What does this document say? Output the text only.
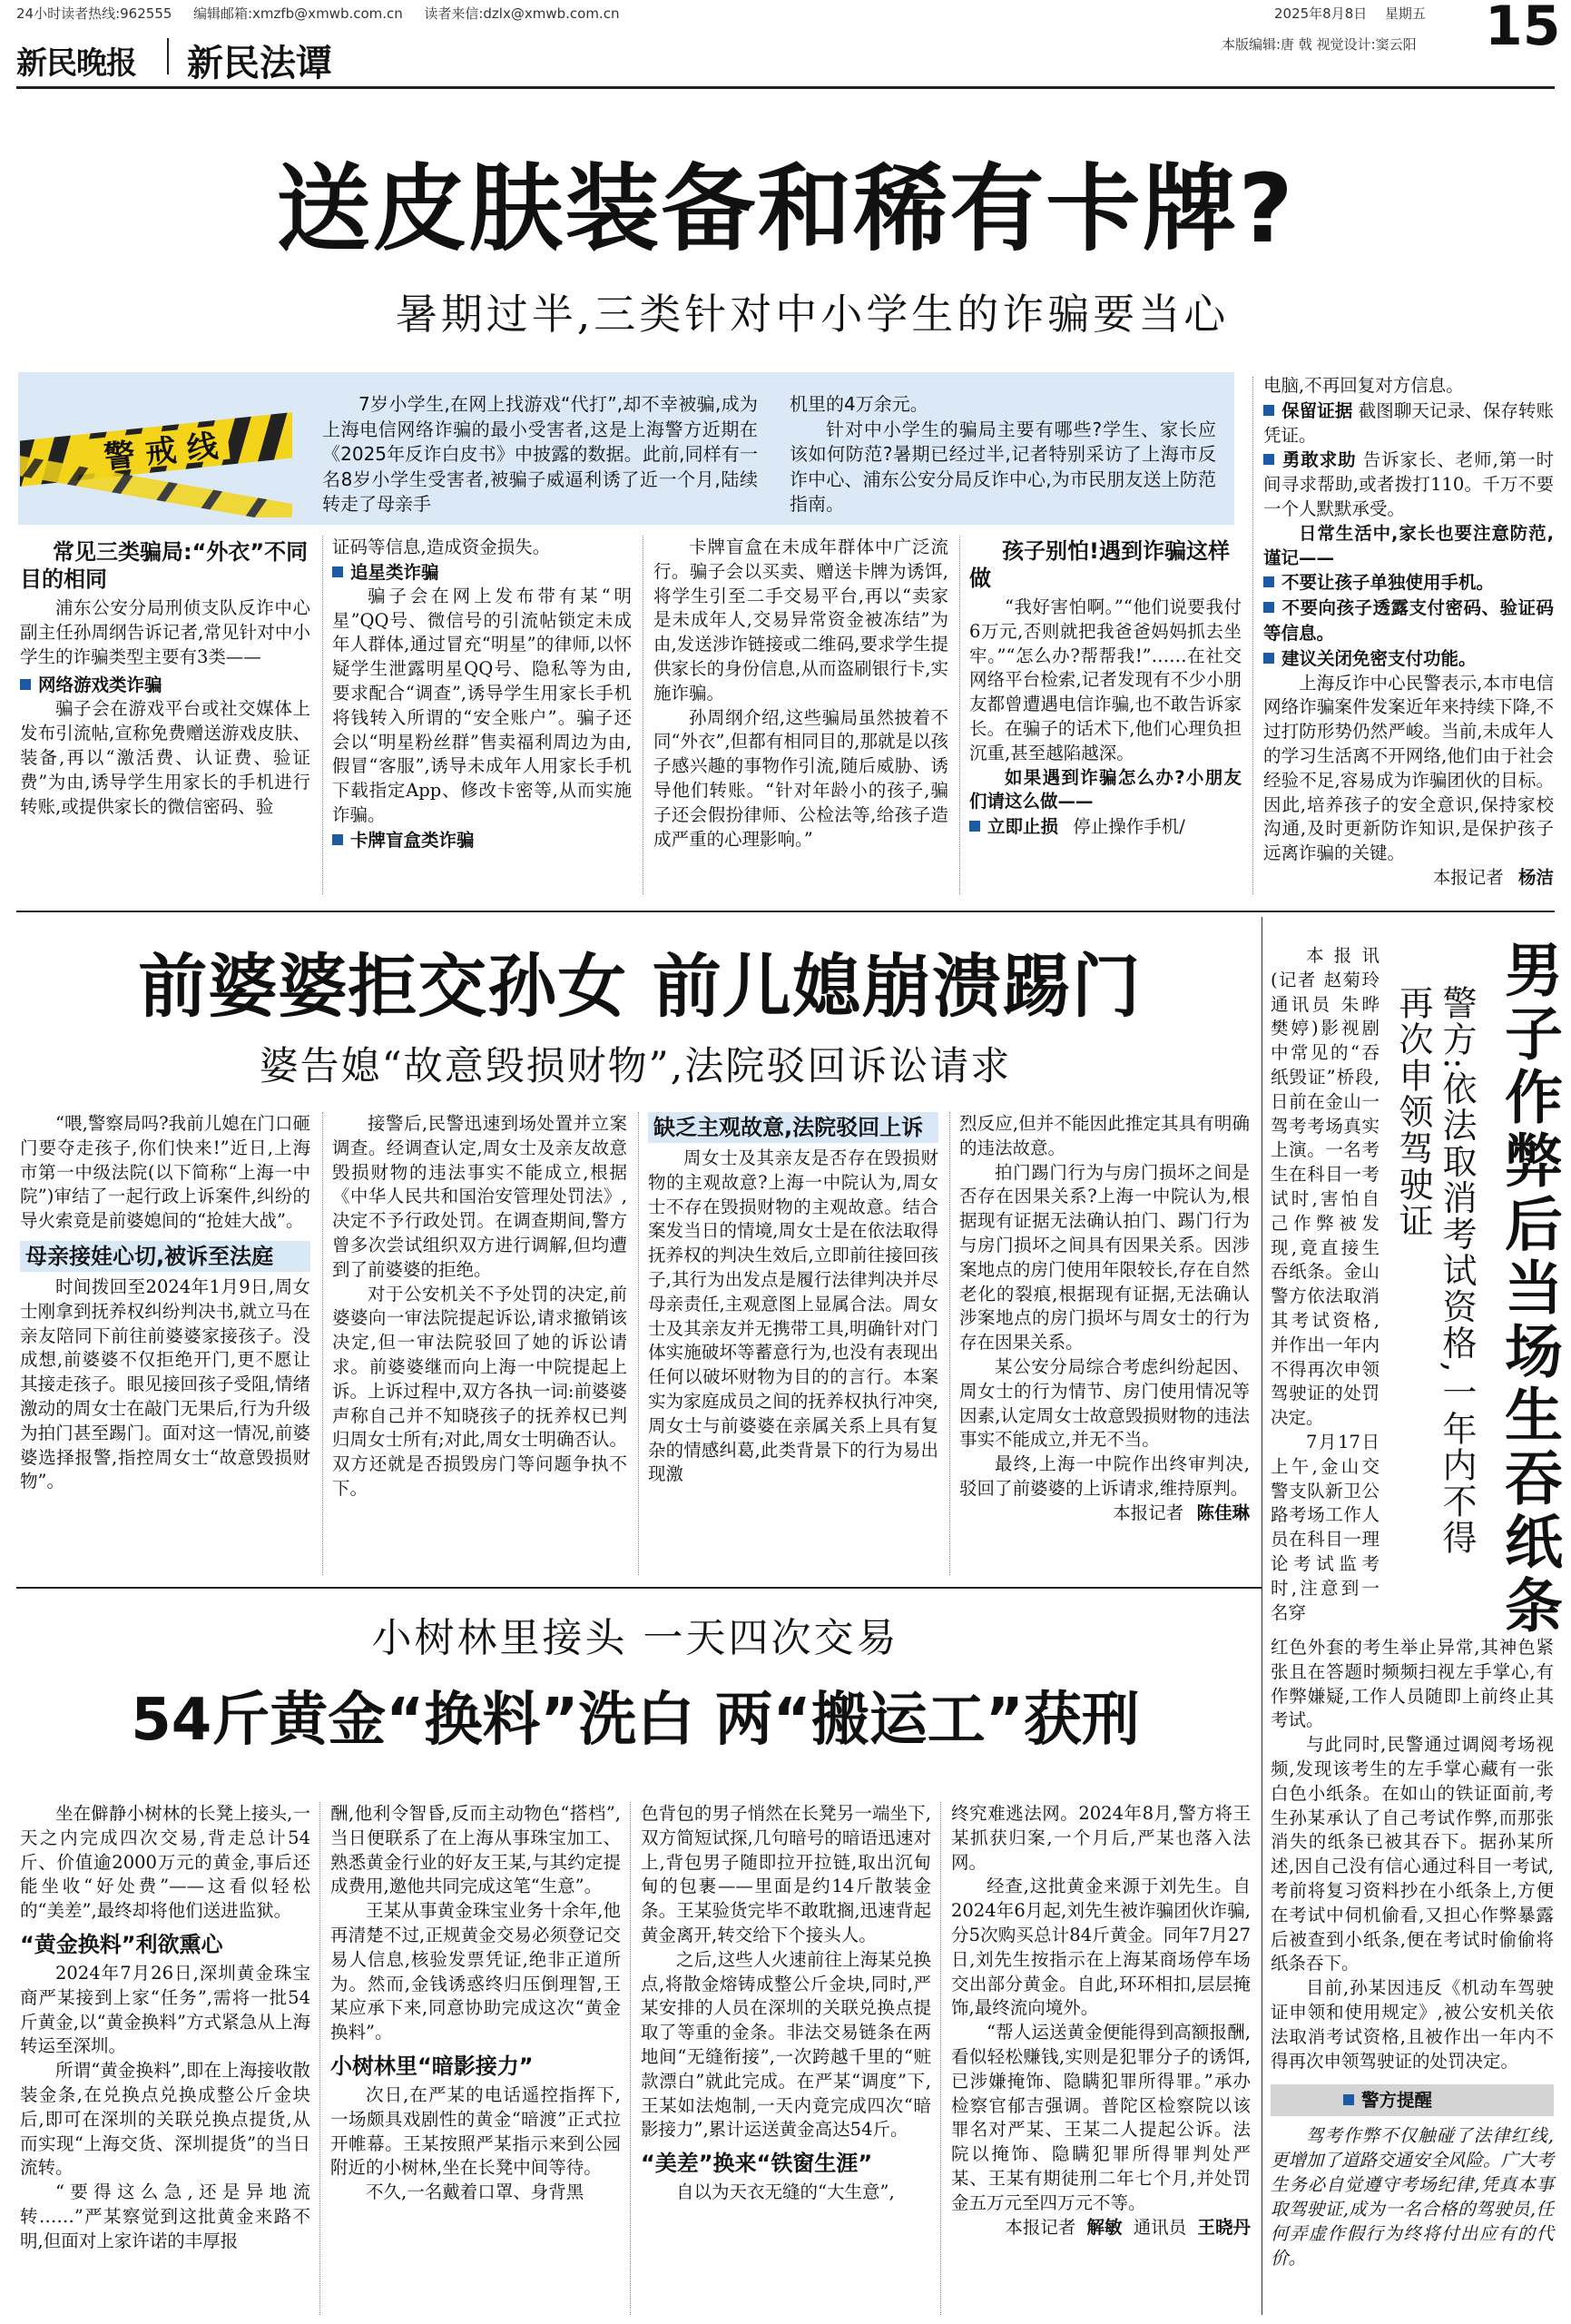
24小时读者热线:962555 编辑邮箱:xmzfb@xmwb.com.cn 读者来信:dzlx@xmwb.com.cn
新民晚报 新民法谭
2025年8月8日 星期五 15
本版编辑:唐 戟 视觉设计:窦云阳
送皮肤装备和稀有卡牌?
暑期过半,三类针对中小学生的诈骗要当心
警 戒 线
7岁小学生,在网上找游戏“代打”,却不幸被骗,成为上海电信网络诈骗的最小受害者,这是上海警方近期在《2025年反诈白皮书》中披露的数据。此前,同样有一名8岁小学生受害者,被骗子威逼利诱了近一个月,陆续转走了母亲手
机里的4万余元。
针对中小学生的骗局主要有哪些?学生、家长应该如何防范?暑期已经过半,记者特别采访了上海市反诈中心、浦东公安分局反诈中心,为市民朋友送上防范指南。
常见三类骗局:“外衣”不同目的相同
浦东公安分局刑侦支队反诈中心副主任孙周纲告诉记者,常见针对中小学生的诈骗类型主要有3类——
网络游戏类诈骗
骗子会在游戏平台或社交媒体上发布引流帖,宣称免费赠送游戏皮肤、装备,再以“激活费、认证费、验证费”为由,诱导学生用家长的手机进行转账,或提供家长的微信密码、验
证码等信息,造成资金损失。
追星类诈骗
骗子会在网上发布带有某“明星”QQ号、微信号的引流帖锁定未成年人群体,通过冒充“明星”的律师,以怀疑学生泄露明星QQ号、隐私等为由,要求配合“调查”,诱导学生用家长手机将钱转入所谓的“安全账户”。骗子还会以“明星粉丝群”售卖福利周边为由,假冒“客服”,诱导未成年人用家长手机下载指定App、修改卡密等,从而实施诈骗。
卡牌盲盒类诈骗
卡牌盲盒在未成年群体中广泛流行。骗子会以买卖、赠送卡牌为诱饵,将学生引至二手交易平台,再以“卖家是未成年人,交易异常资金被冻结”为由,发送涉诈链接或二维码,要求学生提供家长的身份信息,从而盗刷银行卡,实施诈骗。
孙周纲介绍,这些骗局虽然披着不同“外衣”,但都有相同目的,那就是以孩子感兴趣的事物作引流,随后威胁、诱导他们转账。“针对年龄小的孩子,骗子还会假扮律师、公检法等,给孩子造成严重的心理影响。”
孩子别怕!遇到诈骗这样做
“我好害怕啊。”“他们说要我付6万元,否则就把我爸爸妈妈抓去坐牢。”“怎么办?帮帮我!”……在社交网络平台检索,记者发现有不少小朋友都曾遭遇电信诈骗,也不敢告诉家长。在骗子的话术下,他们心理负担沉重,甚至越陷越深。
如果遇到诈骗怎么办?小朋友们请这么做——
立即止损 停止操作手机/
电脑,不再回复对方信息。
保留证据 截图聊天记录、保存转账凭证。
勇敢求助 告诉家长、老师,第一时间寻求帮助,或者拨打110。千万不要一个人默默承受。
日常生活中,家长也要注意防范,谨记——
不要让孩子单独使用手机。
不要向孩子透露支付密码、验证码等信息。
建议关闭免密支付功能。
上海反诈中心民警表示,本市电信网络诈骗案件发案近年来持续下降,不过打防形势仍然严峻。当前,未成年人的学习生活离不开网络,他们由于社会经验不足,容易成为诈骗团伙的目标。因此,培养孩子的安全意识,保持家校沟通,及时更新防诈知识,是保护孩子远离诈骗的关键。
本报记者 杨洁
前婆婆拒交孙女 前儿媳崩溃踢门
婆告媳“故意毁损财物”,法院驳回诉讼请求
“喂,警察局吗?我前儿媳在门口砸门要夺走孩子,你们快来!”近日,上海市第一中级法院(以下简称“上海一中院”)审结了一起行政上诉案件,纠纷的导火索竟是前婆媳间的“抢娃大战”。
母亲接娃心切,被诉至法庭
时间拨回至2024年1月9日,周女士刚拿到抚养权纠纷判决书,就立马在亲友陪同下前往前婆婆家接孩子。没成想,前婆婆不仅拒绝开门,更不愿让其接走孩子。眼见接回孩子受阻,情绪激动的周女士在敲门无果后,行为升级为拍门甚至踢门。面对这一情况,前婆婆选择报警,指控周女士“故意毁损财物”。
接警后,民警迅速到场处置并立案调查。经调查认定,周女士及亲友故意毁损财物的违法事实不能成立,根据《中华人民共和国治安管理处罚法》,决定不予行政处罚。在调查期间,警方曾多次尝试组织双方进行调解,但均遭到了前婆婆的拒绝。
对于公安机关不予处罚的决定,前婆婆向一审法院提起诉讼,请求撤销该决定,但一审法院驳回了她的诉讼请求。前婆婆继而向上海一中院提起上诉。上诉过程中,双方各执一词:前婆婆声称自己并不知晓孩子的抚养权已判归周女士所有;对此,周女士明确否认。双方还就是否损毁房门等问题争执不下。
缺乏主观故意,法院驳回上诉
周女士及其亲友是否存在毁损财物的主观故意?上海一中院认为,周女士不存在毁损财物的主观故意。结合案发当日的情境,周女士是在依法取得抚养权的判决生效后,立即前往接回孩子,其行为出发点是履行法律判决并尽母亲责任,主观意图上显属合法。周女士及其亲友并无携带工具,明确针对门体实施破坏等蓄意行为,也没有表现出任何以破坏财物为目的的言行。本案实为家庭成员之间的抚养权执行冲突,周女士与前婆婆在亲属关系上具有复杂的情感纠葛,此类背景下的行为易出现激
烈反应,但并不能因此推定其具有明确的违法故意。
拍门踢门行为与房门损坏之间是否存在因果关系?上海一中院认为,根据现有证据无法确认拍门、踢门行为与房门损坏之间具有因果关系。因涉案地点的房门使用年限较长,存在自然老化的裂痕,根据现有证据,无法确认涉案地点的房门损坏与周女士的行为存在因果关系。
某公安分局综合考虑纠纷起因、周女士的行为情节、房门使用情况等因素,认定周女士故意毁损财物的违法事实不能成立,并无不当。
最终,上海一中院作出终审判决,驳回了前婆婆的上诉请求,维持原判。
本报记者 陈佳琳	男子作弊后当场生吞纸条
警方:依法取消考试资格,一年内不得再次申领驾驶证
本报讯(记者 赵菊玲 通讯员 朱晔 樊婷)影视剧中常见的“吞纸毁证”桥段,日前在金山一驾考考场真实上演。一名考生在科目一考试时,害怕自己作弊被发现,竟直接生吞纸条。金山警方依法取消其考试资格,并作出一年内不得再次申领驾驶证的处罚决定。
7月17日上午,金山交警支队新卫公路考场工作人员在科目一理论考试监考时,注意到一名穿
红色外套的考生举止异常,其神色紧张且在答题时频频扫视左手掌心,有作弊嫌疑,工作人员随即上前终止其考试。
与此同时,民警通过调阅考场视频,发现该考生的左手掌心藏有一张白色小纸条。在如山的铁证面前,考生孙某承认了自己考试作弊,而那张消失的纸条已被其吞下。据孙某所述,因自己没有信心通过科目一考试,考前将复习资料抄在小纸条上,方便在考试中伺机偷看,又担心作弊暴露后被查到小纸条,便在考试时偷偷将纸条吞下。
目前,孙某因违反《机动车驾驶证申领和使用规定》,被公安机关依法取消考试资格,且被作出一年内不得再次申领驾驶证的处罚决定。
警方提醒
驾考作弊不仅触碰了法律红线,更增加了道路交通安全风险。广大考生务必自觉遵守考场纪律,凭真本事取驾驶证,成为一名合格的驾驶员,任何弄虚作假行为终将付出应有的代价。
小树林里接头 一天四次交易
54斤黄金“换料”洗白 两“搬运工”获刑
坐在僻静小树林的长凳上接头,一天之内完成四次交易,背走总计54斤、价值逾2000万元的黄金,事后还能坐收“好处费”——这看似轻松的“美差”,最终却将他们送进监狱。
“黄金换料”利欲熏心
2024年7月26日,深圳黄金珠宝商严某接到上家“任务”,需将一批54斤黄金,以“黄金换料”方式紧急从上海转运至深圳。
所谓“黄金换料”,即在上海接收散装金条,在兑换点兑换成整公斤金块后,即可在深圳的关联兑换点提货,从而实现“上海交货、深圳提货”的当日流转。
“要得这么急,还是异地流转……”严某察觉到这批黄金来路不明,但面对上家许诺的丰厚报
酬,他利令智昏,反而主动物色“搭档”,当日便联系了在上海从事珠宝加工、熟悉黄金行业的好友王某,与其约定提成费用,邀他共同完成这笔“生意”。
王某从事黄金珠宝业务十余年,他再清楚不过,正规黄金交易必须登记交易人信息,核验发票凭证,绝非正道所为。然而,金钱诱惑终归压倒理智,王某应承下来,同意协助完成这次“黄金换料”。
小树林里“暗影接力”
次日,在严某的电话遥控指挥下,一场颇具戏剧性的黄金“暗渡”正式拉开帷幕。王某按照严某指示来到公园附近的小树林,坐在长凳中间等待。
不久,一名戴着口罩、身背黑
色背包的男子悄然在长凳另一端坐下,双方简短试探,几句暗号的暗语迅速对上,背包男子随即拉开拉链,取出沉甸甸的包裹——里面是约14斤散装金条。王某验货完毕不敢耽搁,迅速背起黄金离开,转交给下个接头人。
之后,这些人火速前往上海某兑换点,将散金熔铸成整公斤金块,同时,严某安排的人员在深圳的关联兑换点提取了等重的金条。非法交易链条在两地间“无缝衔接”,一次跨越千里的“赃款漂白”就此完成。在严某“调度”下,王某如法炮制,一天内竟完成四次“暗影接力”,累计运送黄金高达54斤。
“美差”换来“铁窗生涯”
自以为天衣无缝的“大生意”,
终究难逃法网。2024年8月,警方将王某抓获归案,一个月后,严某也落入法网。
经查,这批黄金来源于刘先生。自2024年6月起,刘先生被诈骗团伙诈骗,分5次购买总计84斤黄金。同年7月27日,刘先生按指示在上海某商场停车场交出部分黄金。自此,环环相扣,层层掩饰,最终流向境外。
“帮人运送黄金便能得到高额报酬,看似轻松赚钱,实则是犯罪分子的诱饵,已涉嫌掩饰、隐瞒犯罪所得罪。”承办检察官郁吉强调。普陀区检察院以该罪名对严某、王某二人提起公诉。法院以掩饰、隐瞒犯罪所得罪判处严某、王某有期徒刑二年七个月,并处罚金五万元至四万元不等。
本报记者 解敏 通讯员 王晓丹
